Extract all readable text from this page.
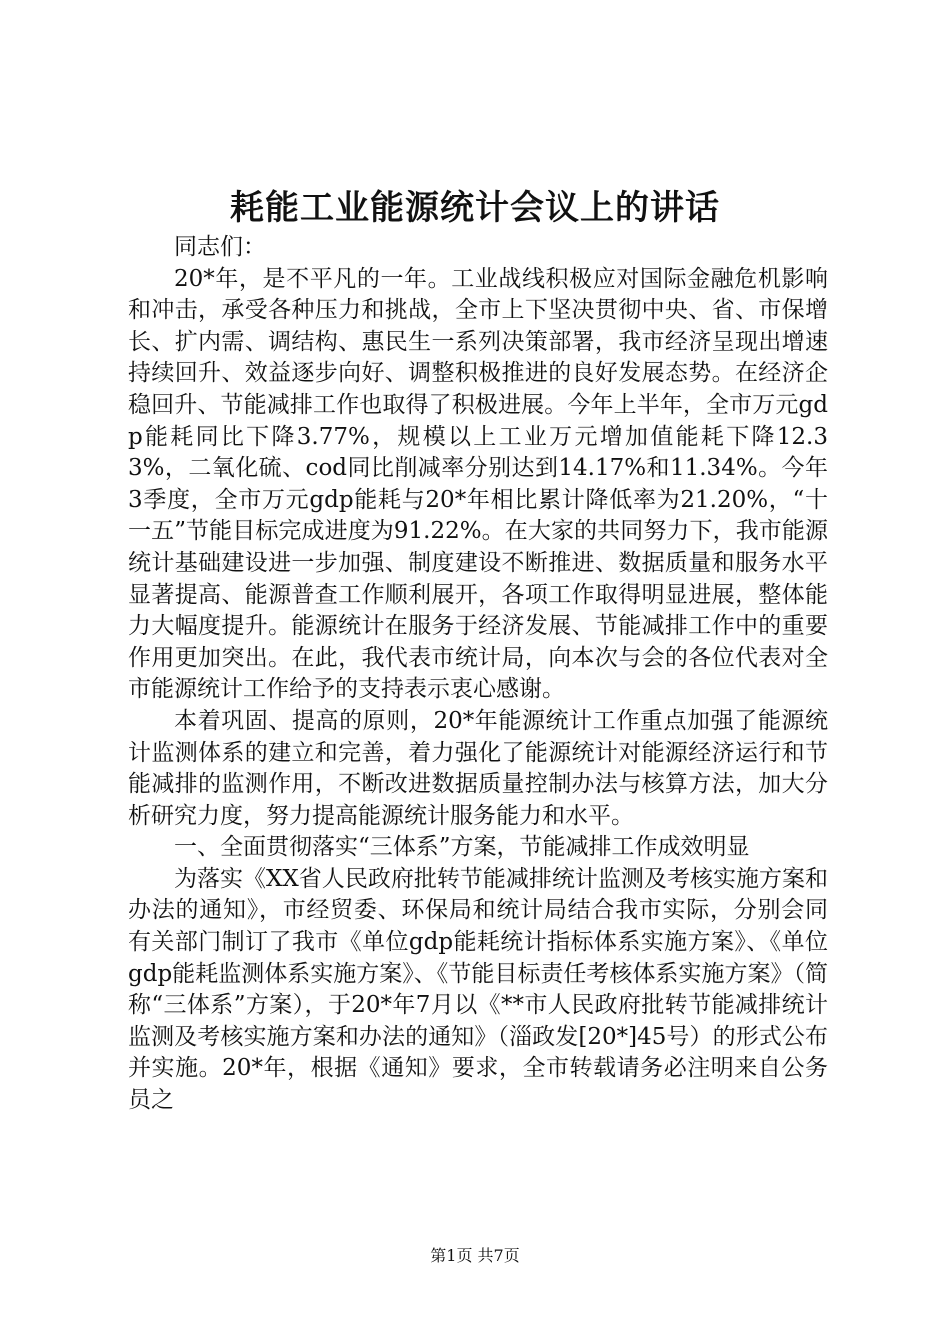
耗能工业能源统计会议上的讲话

同志们：

20*年，是不平凡的一年。工业战线积极应对国际金融危机影响和冲击，承受各种压力和挑战，全市上下坚决贯彻中央、省、市保增长、扩内需、调结构、惠民生一系列决策部署，我市经济呈现出增速持续回升、效益逐步向好、调整积极推进的良好发展态势。在经济企稳回升、节能减排工作也取得了积极进展。今年上半年，全市万元gdp能耗同比下降3.77%，规模以上工业万元增加值能耗下降12.33%，二氧化硫、cod同比削减率分别达到14.17%和11.34%。今年3季度，全市万元gdp能耗与20*年相比累计降低率为21.20%，“十一五”节能目标完成进度为91.22%。在大家的共同努力下，我市能源统计基础建设进一步加强、制度建设不断推进、数据质量和服务水平显著提高、能源普查工作顺利展开，各项工作取得明显进展，整体能力大幅度提升。能源统计在服务于经济发展、节能减排工作中的重要作用更加突出。在此，我代表市统计局，向本次与会的各位代表对全市能源统计工作给予的支持表示衷心感谢。

本着巩固、提高的原则，20*年能源统计工作重点加强了能源统计监测体系的建立和完善，着力强化了能源统计对能源经济运行和节能减排的监测作用，不断改进数据质量控制办法与核算方法，加大分析研究力度，努力提高能源统计服务能力和水平。

一、全面贯彻落实“三体系”方案，节能减排工作成效明显

为落实《XX省人民政府批转节能减排统计监测及考核实施方案和办法的通知》，市经贸委、环保局和统计局结合我市实际，分别会同有关部门制订了我市《单位gdp能耗统计指标体系实施方案》、《单位gdp能耗监测体系实施方案》、《节能目标责任考核体系实施方案》（简称“三体系”方案），于20*年7月以《**市人民政府批转节能减排统计监测及考核实施方案和办法的通知》（淄政发[20*]45号）的形式公布并实施。20*年，根据《通知》要求，全市转载请务必注明来自公务员之

第1页 共7页
